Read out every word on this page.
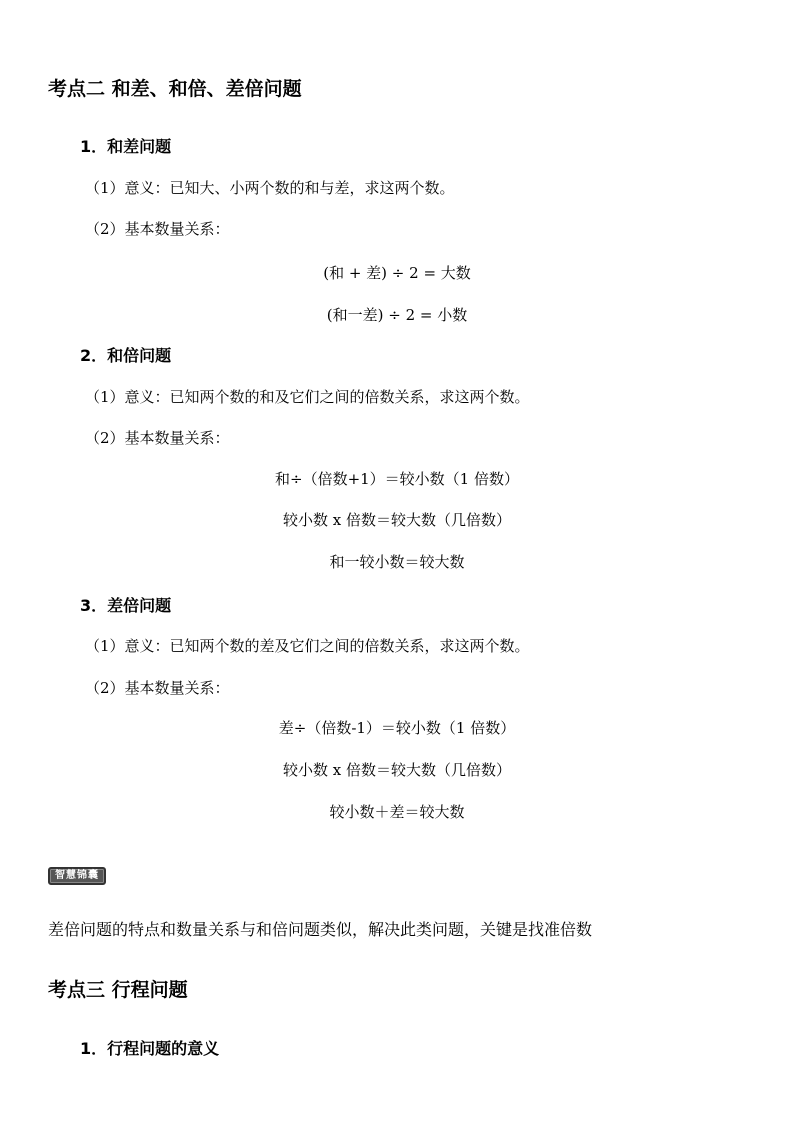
考点二 和差、和倍、差倍问题
1．和差问题
（1）意义：已知大、小两个数的和与差，求这两个数。
（2）基本数量关系：
(和 + 差) ÷ 2 = 大数
(和一差) ÷ 2 = 小数
2．和倍问题
（1）意义：已知两个数的和及它们之间的倍数关系，求这两个数。
（2）基本数量关系：
和÷（倍数+1）＝较小数（1 倍数）
较小数 x 倍数＝较大数（几倍数）
和一较小数＝较大数
3．差倍问题
（1）意义：已知两个数的差及它们之间的倍数关系，求这两个数。
（2）基本数量关系：
差÷（倍数-1）＝较小数（1 倍数）
较小数 x 倍数＝较大数（几倍数）
较小数＋差＝较大数
智慧锦囊
差倍问题的特点和数量关系与和倍问题类似，解决此类问题，关键是找准倍数
考点三 行程问题
1．行程问题的意义
